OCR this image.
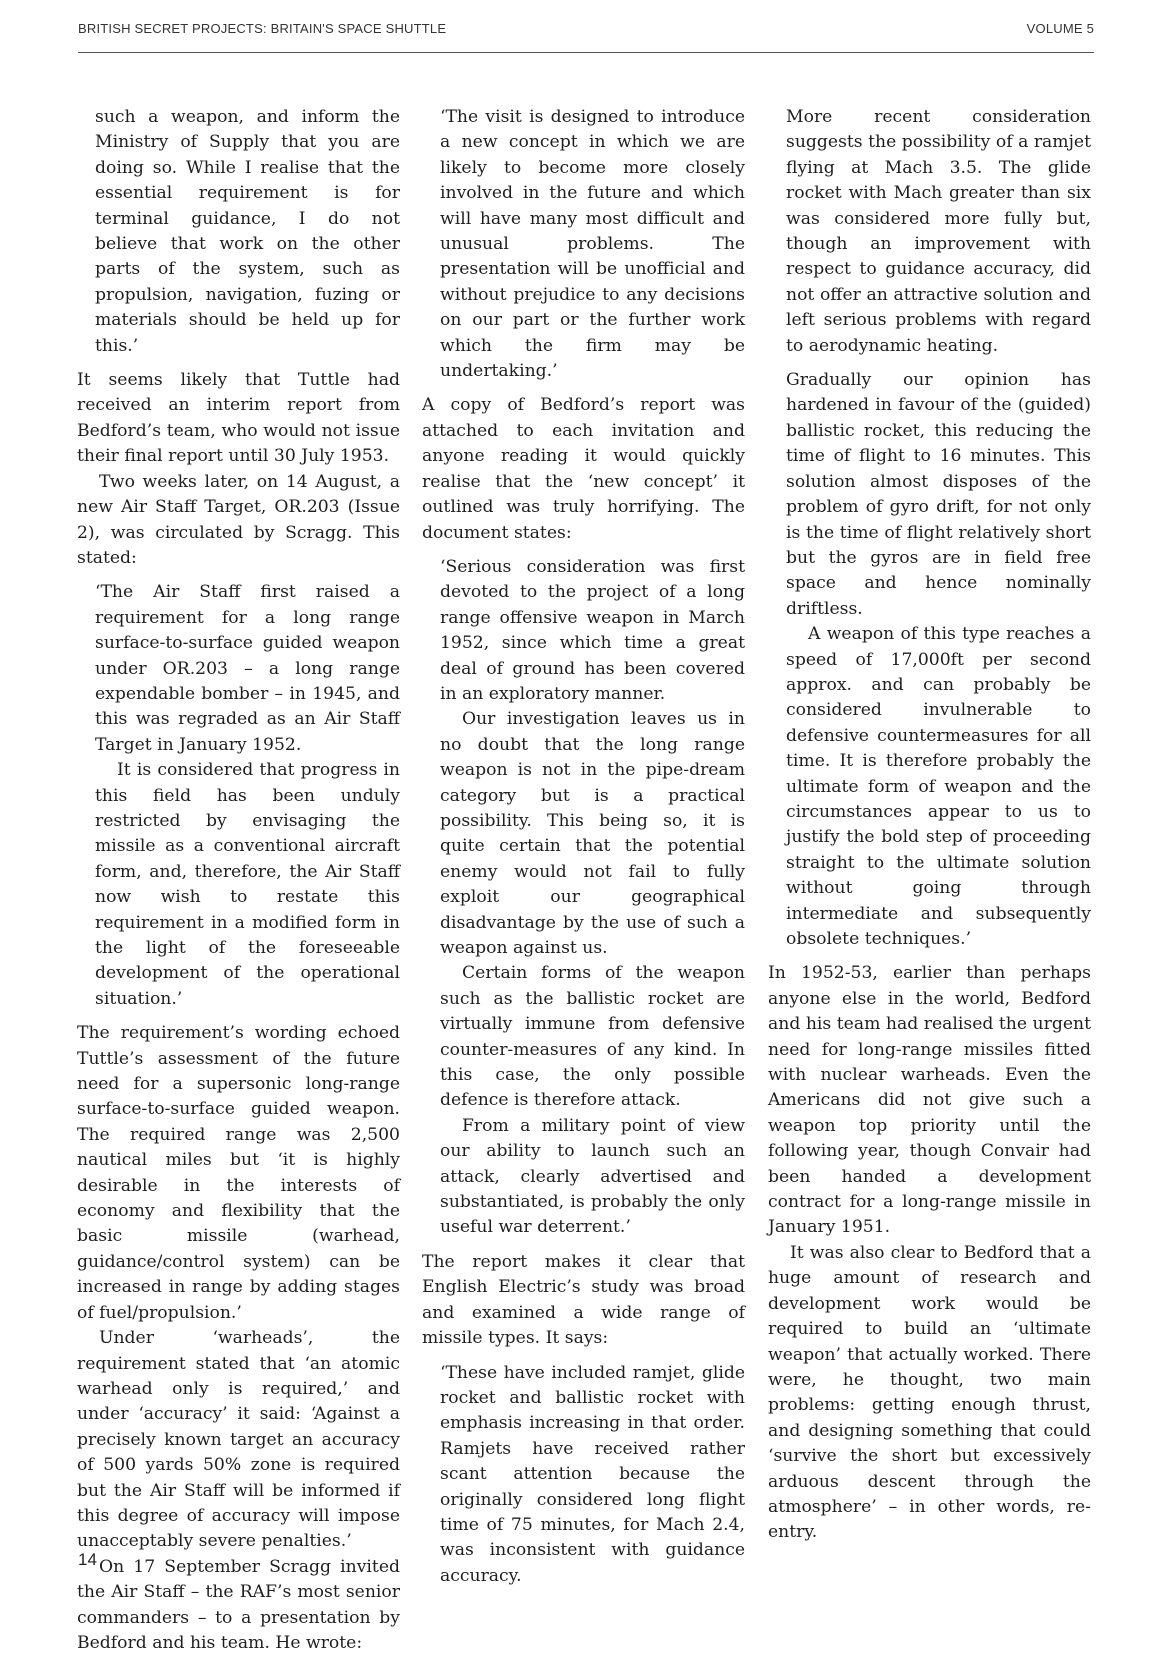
BRITISH SECRET PROJECTS: BRITAIN'S SPACE SHUTTLE	VOLUME 5

such a weapon, and inform the Ministry of Supply that you are doing so. While I realise that the essential requirement is for terminal guidance, I do not believe that work on the other parts of the system, such as propulsion, navigation, fuzing or materials should be held up for this.’

It seems likely that Tuttle had received an interim report from Bedford’s team, who would not issue their final report until 30 July 1953.

Two weeks later, on 14 August, a new Air Staff Target, OR.203 (Issue 2), was circulated by Scragg. This stated:

‘The Air Staff first raised a requirement for a long range surface-to-surface guided weapon under OR.203 – a long range expendable bomber – in 1945, and this was regraded as an Air Staff Target in January 1952.

It is considered that progress in this field has been unduly restricted by envisaging the missile as a conventional aircraft form, and, therefore, the Air Staff now wish to restate this requirement in a modified form in the light of the foreseeable development of the operational situation.’

The requirement’s wording echoed Tuttle’s assessment of the future need for a supersonic long-range surface-to-surface guided weapon. The required range was 2,500 nautical miles but ‘it is highly desirable in the interests of economy and flexibility that the basic missile (warhead, guidance/control system) can be increased in range by adding stages of fuel/propulsion.’

Under ‘warheads’, the requirement stated that ‘an atomic warhead only is required,’ and under ‘accuracy’ it said: ‘Against a precisely known target an accuracy of 500 yards 50% zone is required but the Air Staff will be informed if this degree of accuracy will impose unacceptably severe penalties.’

On 17 September Scragg invited the Air Staff – the RAF’s most senior commanders – to a presentation by Bedford and his team. He wrote:

‘The visit is designed to introduce a new concept in which we are likely to become more closely involved in the future and which will have many most difficult and unusual problems. The presentation will be unofficial and without prejudice to any decisions on our part or the further work which the firm may be undertaking.’

A copy of Bedford’s report was attached to each invitation and anyone reading it would quickly realise that the ‘new concept’ it outlined was truly horrifying. The document states:

‘Serious consideration was first devoted to the project of a long range offensive weapon in March 1952, since which time a great deal of ground has been covered in an exploratory manner.

Our investigation leaves us in no doubt that the long range weapon is not in the pipe-dream category but is a practical possibility. This being so, it is quite certain that the potential enemy would not fail to fully exploit our geographical disadvantage by the use of such a weapon against us.

Certain forms of the weapon such as the ballistic rocket are virtually immune from defensive counter-measures of any kind. In this case, the only possible defence is therefore attack.

From a military point of view our ability to launch such an attack, clearly advertised and substantiated, is probably the only useful war deterrent.’

The report makes it clear that English Electric’s study was broad and examined a wide range of missile types. It says:

‘These have included ramjet, glide rocket and ballistic rocket with emphasis increasing in that order. Ramjets have received rather scant attention because the originally considered long flight time of 75 minutes, for Mach 2.4, was inconsistent with guidance accuracy.

More recent consideration suggests the possibility of a ramjet flying at Mach 3.5. The glide rocket with Mach greater than six was considered more fully but, though an improvement with respect to guidance accuracy, did not offer an attractive solution and left serious problems with regard to aerodynamic heating.

Gradually our opinion has hardened in favour of the (guided) ballistic rocket, this reducing the time of flight to 16 minutes. This solution almost disposes of the problem of gyro drift, for not only is the time of flight relatively short but the gyros are in field free space and hence nominally driftless.

A weapon of this type reaches a speed of 17,000ft per second approx. and can probably be considered invulnerable to defensive countermeasures for all time. It is therefore probably the ultimate form of weapon and the circumstances appear to us to justify the bold step of proceeding straight to the ultimate solution without going through intermediate and subsequently obsolete techniques.’

In 1952-53, earlier than perhaps anyone else in the world, Bedford and his team had realised the urgent need for long-range missiles fitted with nuclear warheads. Even the Americans did not give such a weapon top priority until the following year, though Convair had been handed a development contract for a long-range missile in January 1951.

It was also clear to Bedford that a huge amount of research and development work would be required to build an ‘ultimate weapon’ that actually worked. There were, he thought, two main problems: getting enough thrust, and designing something that could ‘survive the short but excessively arduous descent through the atmosphere’ – in other words, re-entry.

14
